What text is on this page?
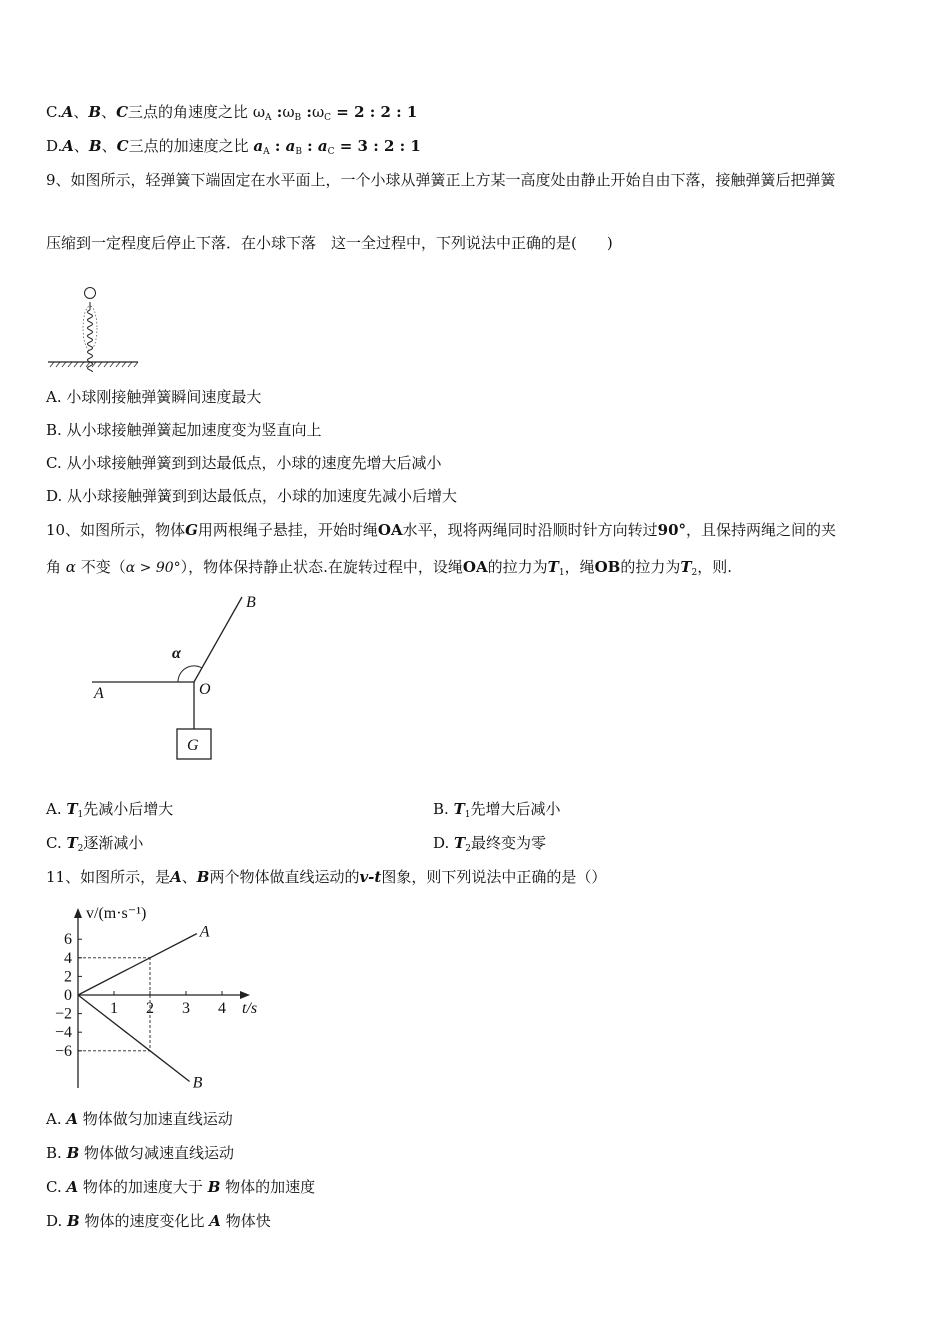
C.A、B、C三点的角速度之比 $\omega_A$ $:\omega_B$ $:\omega_C = 2$ : 2 : 1
D.A、B、C三点的加速度之比 $a_A$ : $a_B$ : $a_C = 3$ : 2 : 1
9、如图所示，轻弹簧下端固定在水平面上，一个小球从弹簧正上方某一高度处由静止开始自由下落，接触弹簧后把弹簧
压缩到一定程度后停止下落．在小球下落　这一全过程中，下列说法中正确的是(　　)
A. 小球刚接触弹簧瞬间速度最大
B. 从小球接触弹簧起加速度变为竖直向上
C. 从小球接触弹簧到到达最低点，小球的速度先增大后减小
D. 从小球接触弹簧到到达最低点，小球的加速度先减小后增大
10、如图所示，物体G用两根绳子悬挂，开始时绳OA水平，现将两绳同时沿顺时针方向转过90°，且保持两绳之间的夹
角 α 不变（α > 90°），物体保持静止状态.在旋转过程中，设绳OA的拉力为$T_1$，绳OB的拉力为$T_2$，则.
A	O
B
G
α
A. $T_1$先减小后增大	B. $T_1$先增大后减小
C. $T_2$逐渐减小	D. $T_2$最终变为零
11、如图所示，是A、B两个物体做直线运动的v-t图象，则下列说法中正确的是（）
v/(m·s⁻¹)
t/s
1 2 3 4
6
4
2
0
−2
−4
−6
A
B
A. A 物体做匀加速直线运动
B. B 物体做匀减速直线运动
C. A 物体的加速度大于 B 物体的加速度
D. B 物体的速度变化比 A 物体快
